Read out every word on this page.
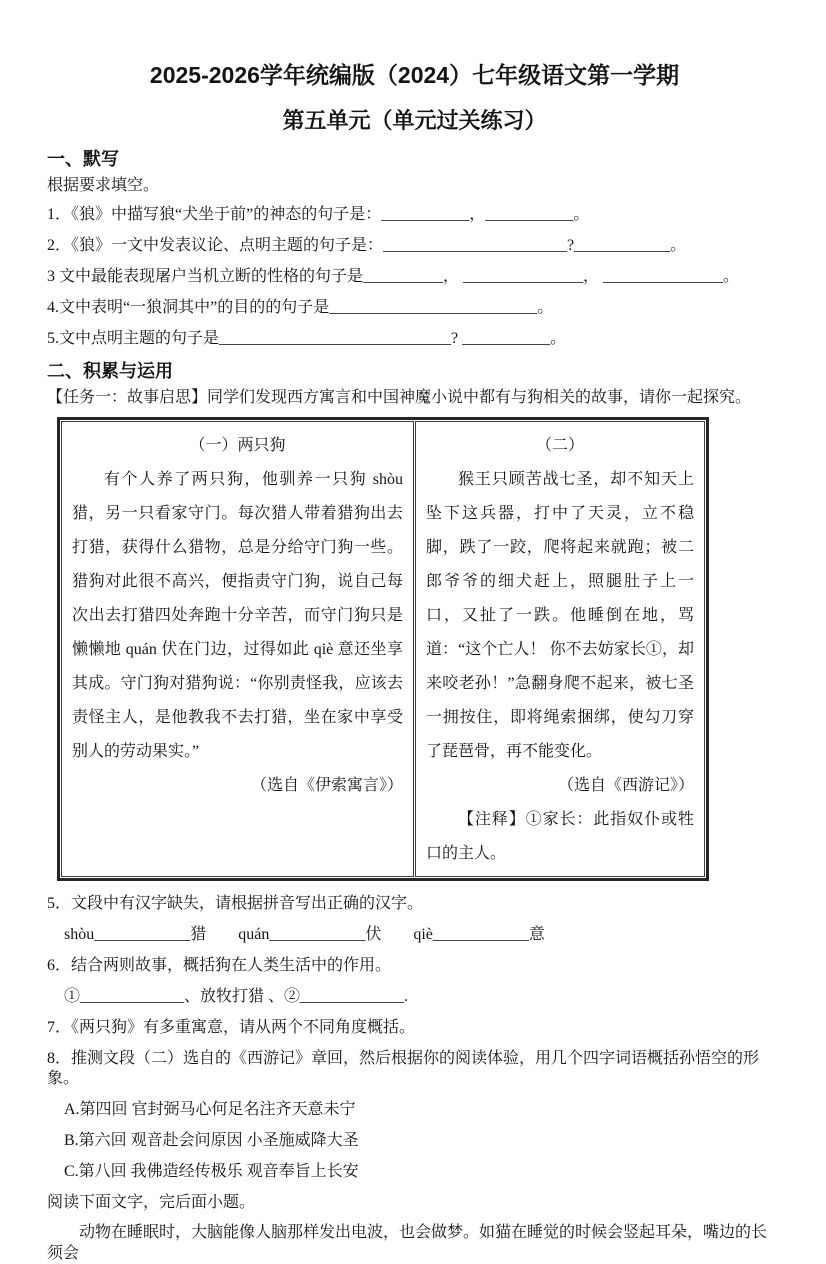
2025-2026学年统编版（2024）七年级语文第一学期
第五单元（单元过关练习）
一、默写
根据要求填空。
1．《狼》中描写狼“犬坐于前”的神态的句子是：___________，___________。
2．《狼》一文中发表议论、点明主题的句子是：_______________________?____________。
3 文中最能表现屠户当机立断的性格的句子是__________， _______________， _______________。
4.文中表明“一狼洞其中”的目的的句子是__________________________。
5.文中点明主题的句子是_____________________________? ___________。
二、积累与运用
【任务一：故事启思】同学们发现西方寓言和中国神魔小说中都有与狗相关的故事，请你一起探究。
（一）两只狗
有个人养了两只狗，他驯养一只狗 shòu 猎，另一只看家守门。每次猎人带着猎狗出去打猎，获得什么猎物，总是分给守门狗一些。猎狗对此很不高兴，便指责守门狗，说自己每次出去打猎四处奔跑十分辛苦，而守门狗只是懒懒地 quán 伏在门边，过得如此 qiè 意还坐享其成。守门狗对猎狗说：“你别责怪我，应该去责怪主人，是他教我不去打猎，坐在家中享受别人的劳动果实。”
（选自《伊索寓言》）

（二）
猴王只顾苦战七圣，却不知天上坠下这兵器，打中了天灵，立不稳脚，跌了一跤，爬将起来就跑；被二郎爷爷的细犬赶上，照腿肚子上一口，又扯了一跌。他睡倒在地，骂道：“这个亡人！ 你不去妨家长①，却来咬老孙！”急翻身爬不起来，被七圣一拥按住，即将绳索捆绑，使勾刀穿了琵琶骨，再不能变化。
（选自《西游记》）
【注释】①家长：此指奴仆或牲口的主人。
5．文段中有汉字缺失，请根据拼音写出正确的汉字。
shòu____________猎　　quán____________伏　　qiè____________意
6．结合两则故事，概括狗在人类生活中的作用。
①_____________、放牧打猎 、②_____________.
7．《两只狗》有多重寓意，请从两个不同角度概括。
8．推测文段（二）选自的《西游记》章回，然后根据你的阅读体验，用几个四字词语概括孙悟空的形象。
A.第四回 官封弼马心何足名注齐天意未宁
B.第六回 观音赴会问原因 小圣施威降大圣
C.第八回 我佛造经传极乐 观音奉旨上长安
阅读下面文字，完后面小题。
动物在睡眠时，大脑能像人脑那样发出电波，也会做梦。如猫在睡觉的时候会竖起耳朵，嘴边的长须会
